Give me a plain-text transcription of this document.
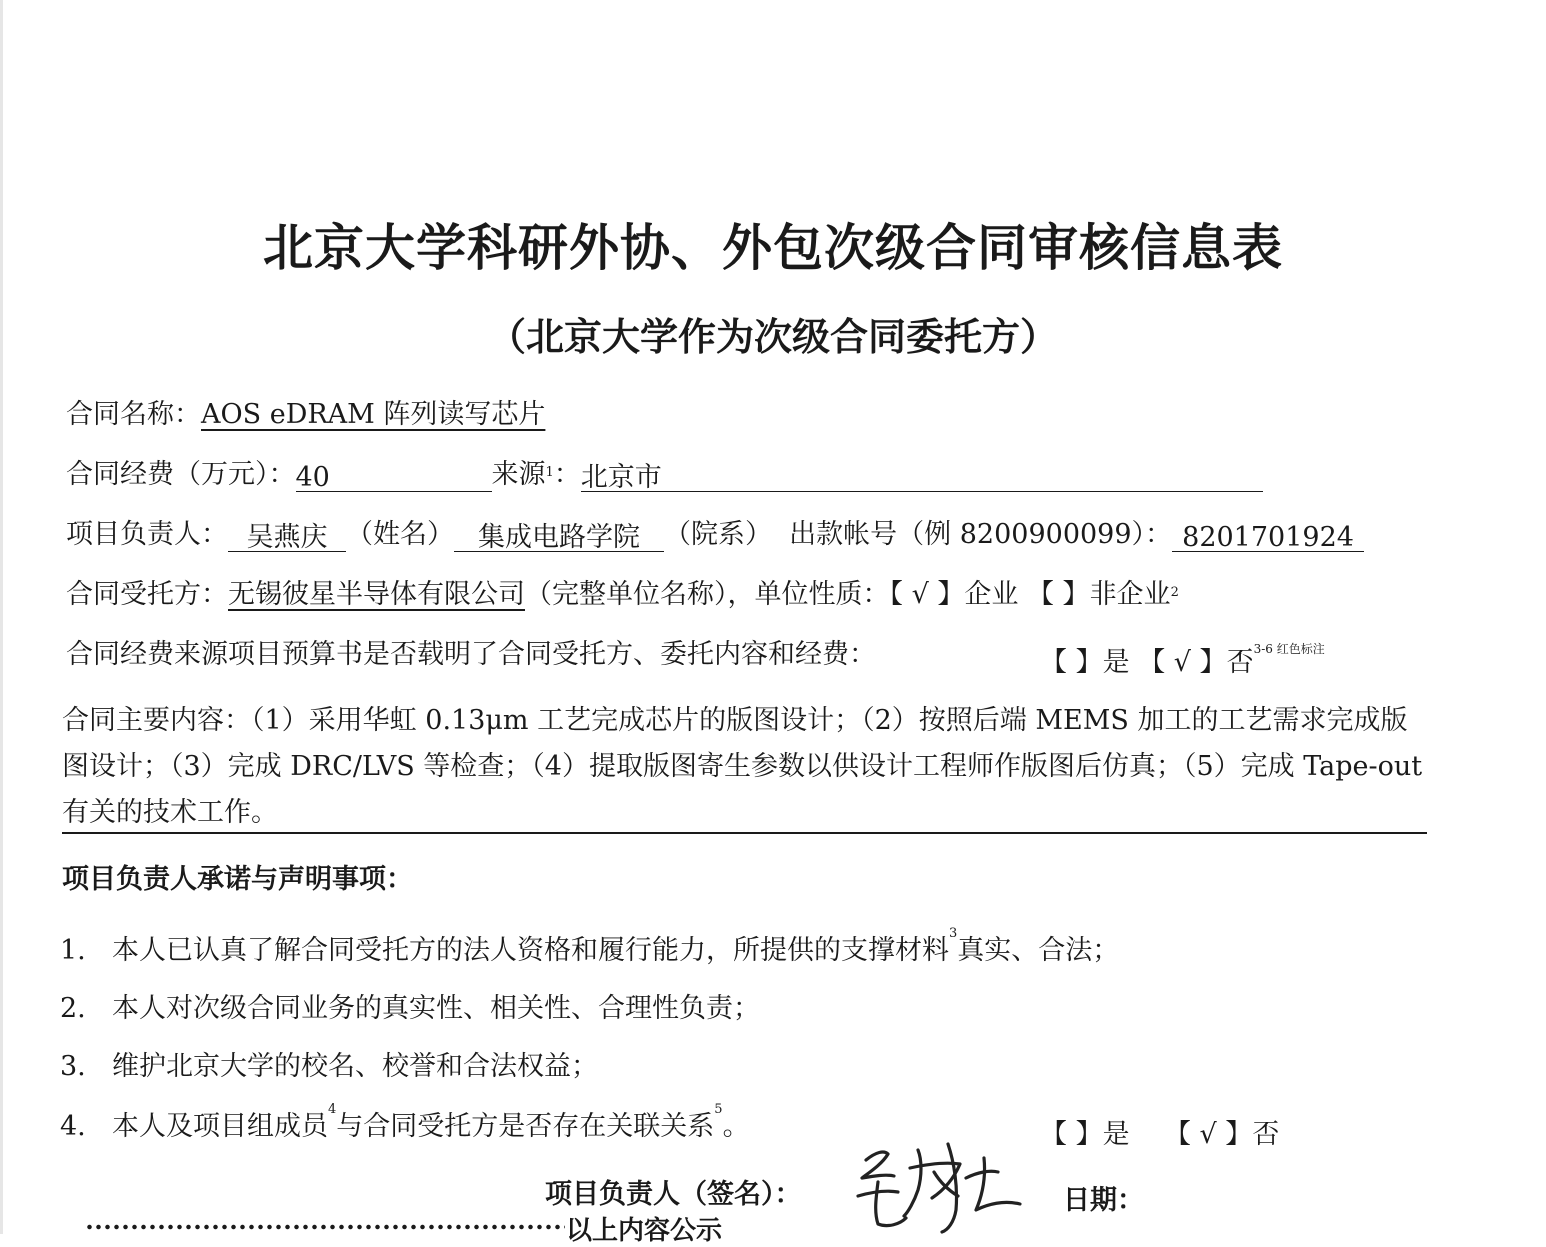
北京大学科研外协、外包次级合同审核信息表
（北京大学作为次级合同委托方）
合同名称：AOS eDRAM 阵列读写芯片
合同经费（万元）：40	来源$^1$：北京市
项目负责人： 吴燕庆 （姓名） 集成电路学院 （院系） 出款帐号（例 8200900099）： 8201701924
合同受托方：无锡彼星半导体有限公司（完整单位名称），单位性质：【 √ 】企业 【 】非企业$^2$
合同经费来源项目预算书是否载明了合同受托方、委托内容和经费：	【 】是 【 √ 】否$^{3-6 红色标注}$
合同主要内容：（1）采用华虹 0.13μm 工艺完成芯片的版图设计；（2）按照后端 MEMS 加工的工艺需求完成版图设计；（3）完成 DRC/LVS 等检查；（4）提取版图寄生参数以供设计工程师作版图后仿真；（5）完成 Tape-out 有关的技术工作。
项目负责人承诺与声明事项：
1. 本人已认真了解合同受托方的法人资格和履行能力，所提供的支撑材料$^3$真实、合法；
2. 本人对次级合同业务的真实性、相关性、合理性负责；
3. 维护北京大学的校名、校誉和合法权益；
4. 本人及项目组成员$^4$与合同受托方是否存在关联关系$^5$。	【 】是 【 √ 】否
项目负责人（签名）：	日期：
以上内容公示
